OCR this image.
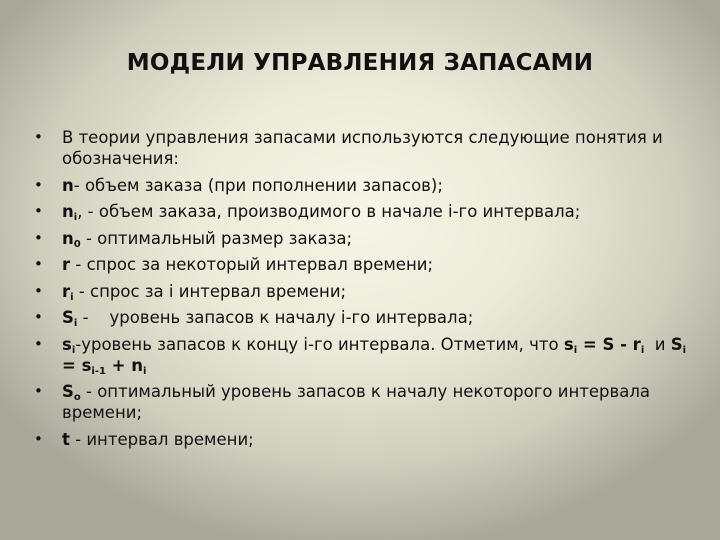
МОДЕЛИ УПРАВЛЕНИЯ ЗАПАСАМИ
• В теории управления запасами используются следующие понятия и обозначения:
• n- объем заказа (при пополнении запасов);
• $n_i$, - объем заказа, производимого в начале i-го интервала;
• $n_0$ - оптимальный размер заказа;
• r - спрос за некоторый интервал времени;
• $r_i$ - спрос за i интервал времени;
• $S_i$ -    уровень запасов к началу i-го интервала;
• $s_i$-уровень запасов к концу i-го интервала. Отметим, что $s_i = S - r_i$  и $S_i = s_{i-1} + n_i$
• $S_o$ - оптимальный уровень запасов к началу некоторого интервала времени;
• t - интервал времени;
